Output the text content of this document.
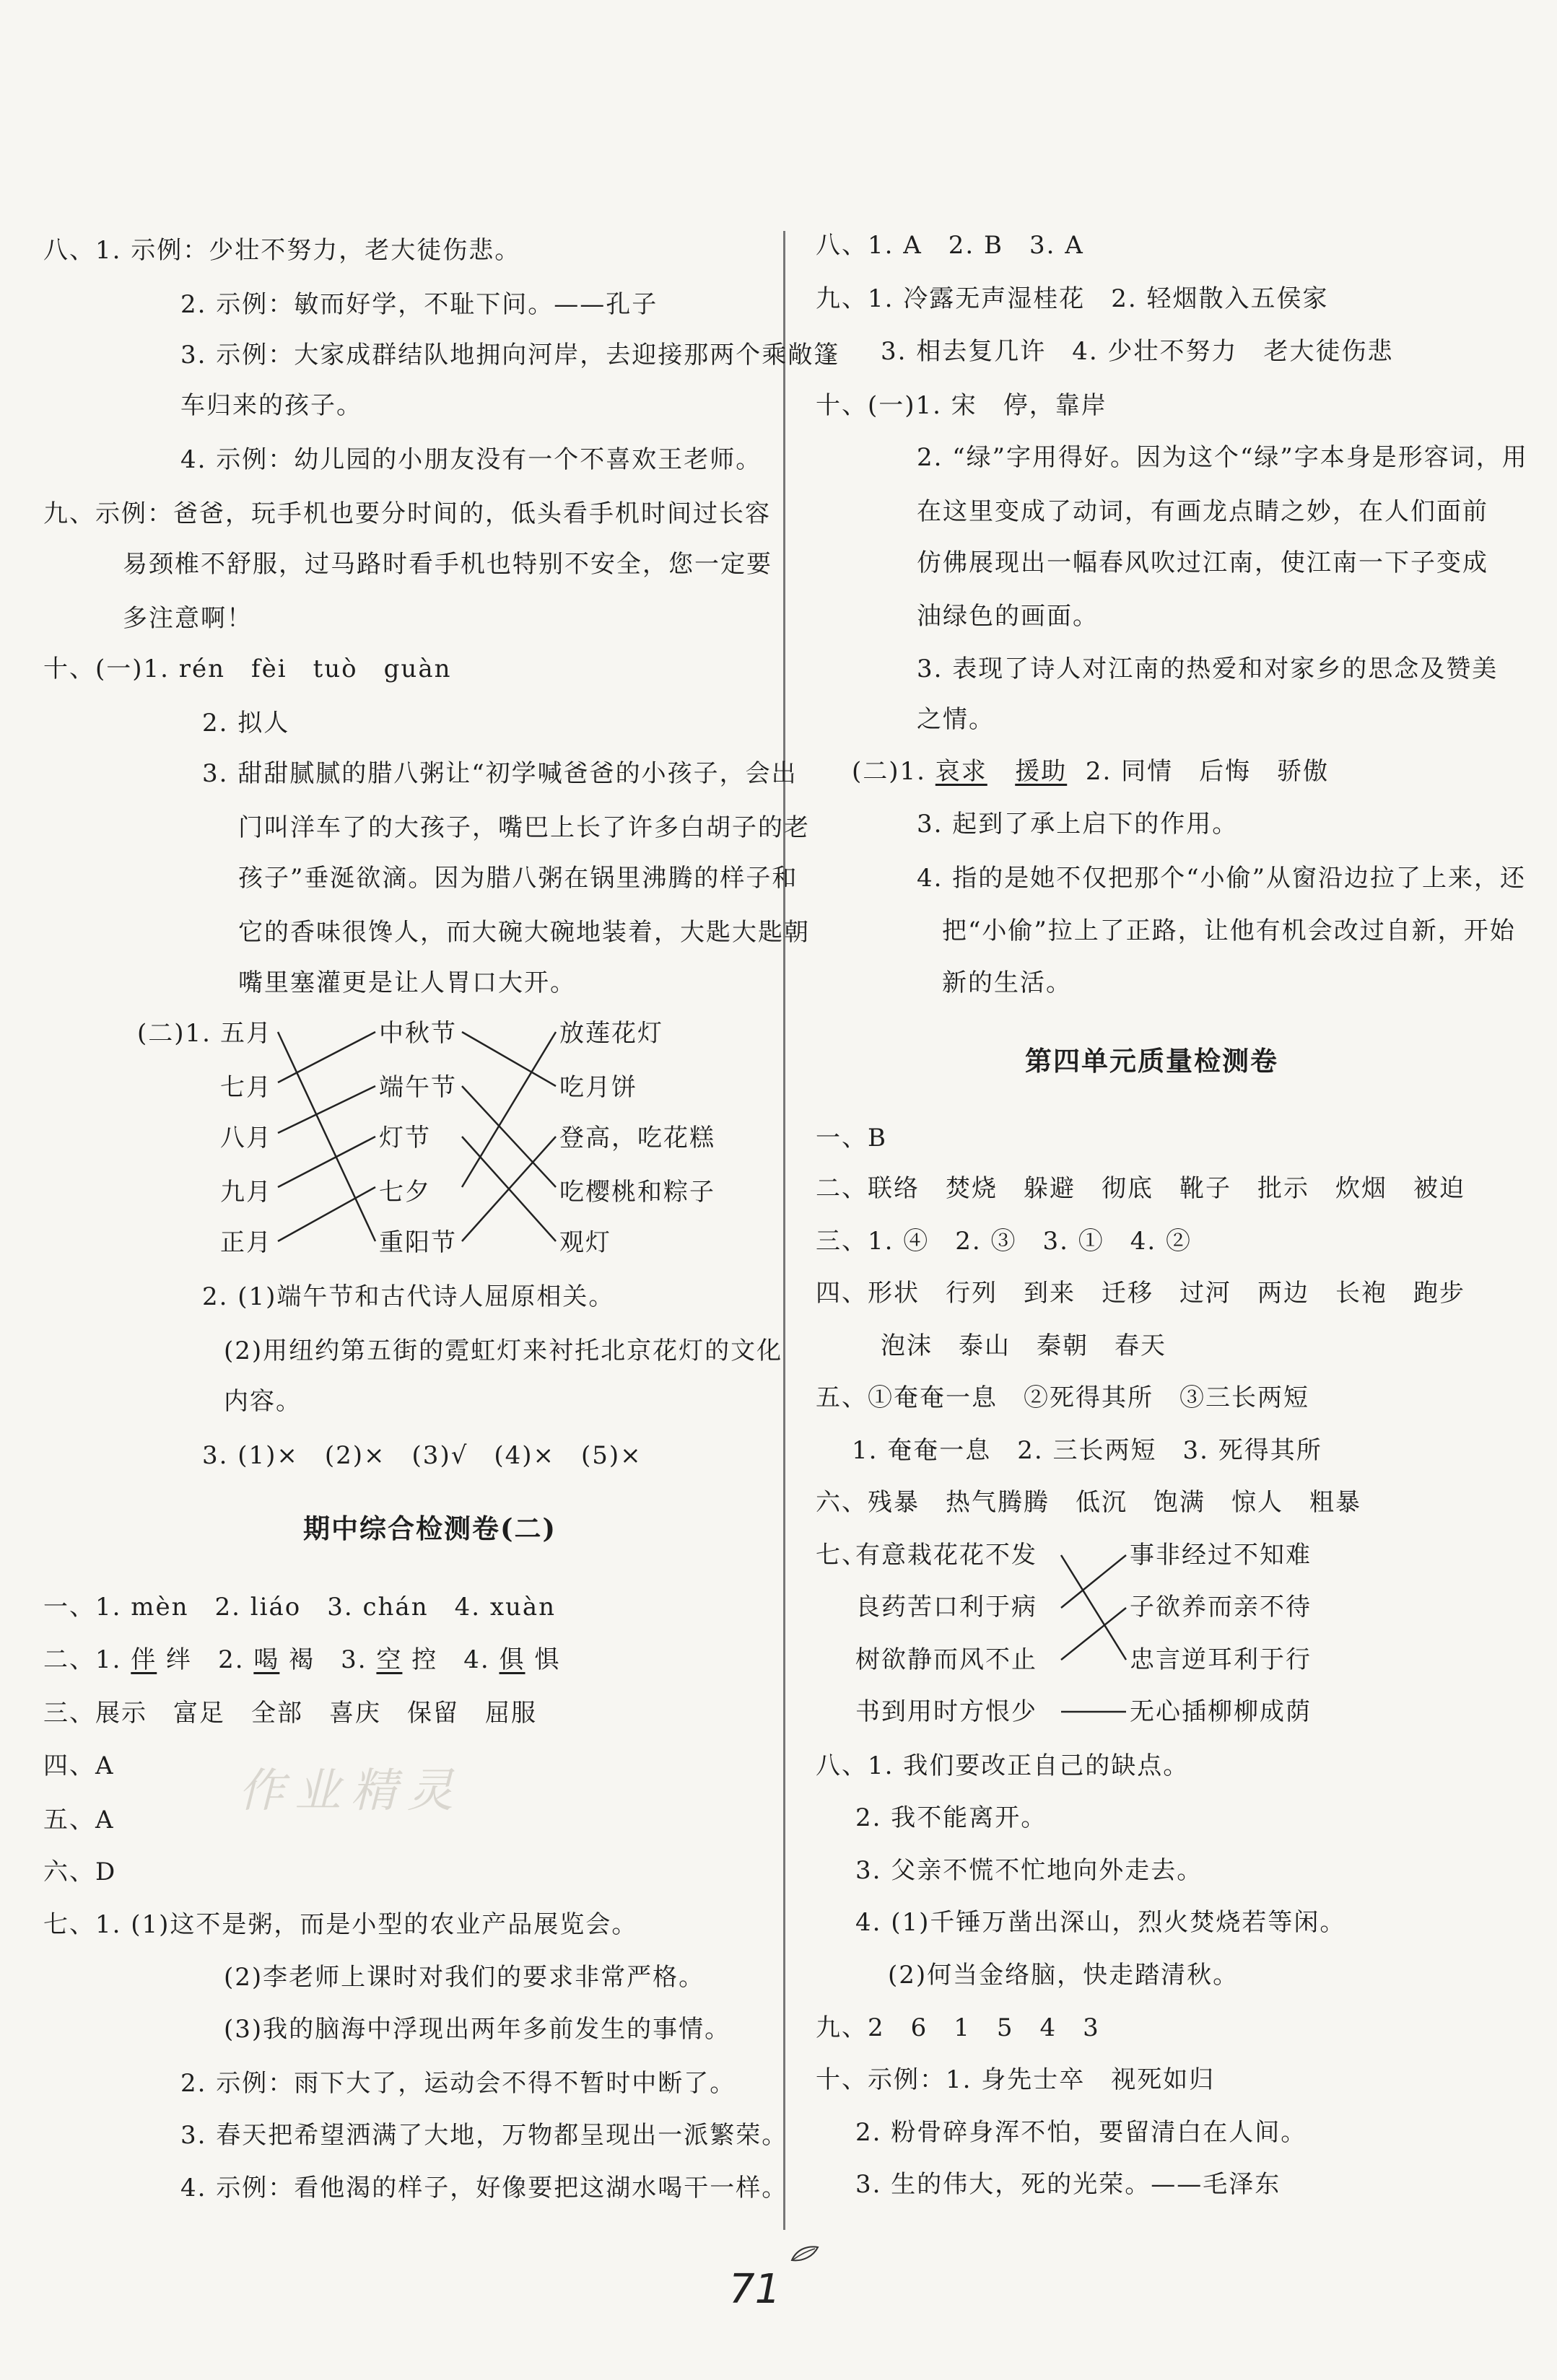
八、1. 示例：少壮不努力，老大徒伤悲。
2. 示例：敏而好学，不耻下问。——孔子
3. 示例：大家成群结队地拥向河岸，去迎接那两个乘敞篷
车归来的孩子。
4. 示例：幼儿园的小朋友没有一个不喜欢王老师。
九、示例：爸爸，玩手机也要分时间的，低头看手机时间过长容
易颈椎不舒服，过马路时看手机也特别不安全，您一定要
多注意啊！
十、(一)1. rén　fèi　tuò　guàn
2. 拟人
3. 甜甜腻腻的腊八粥让“初学喊爸爸的小孩子，会出
门叫洋车了的大孩子，嘴巴上长了许多白胡子的老
孩子”垂涎欲滴。因为腊八粥在锅里沸腾的样子和
它的香味很馋人，而大碗大碗地装着，大匙大匙朝
嘴里塞灌更是让人胃口大开。
(二)1. 五月
七月
八月
九月
正月
中秋节
端午节
灯节
七夕
重阳节
放莲花灯
吃月饼
登高，吃花糕
吃樱桃和粽子
观灯
2. (1)端午节和古代诗人屈原相关。
(2)用纽约第五街的霓虹灯来衬托北京花灯的文化
内容。
3. (1)×　(2)×　(3)√　(4)×　(5)×
期中综合检测卷(二)
一、1. mèn　2. liáo　3. chán　4. xuàn
二、1. 伴 绊　2. 喝 褐　3. 空 控　4. 俱 惧
三、展示　富足　全部　喜庆　保留　屈服
四、A
五、A
六、D
七、1. (1)这不是粥，而是小型的农业产品展览会。
(2)李老师上课时对我们的要求非常严格。
(3)我的脑海中浮现出两年多前发生的事情。
2. 示例：雨下大了，运动会不得不暂时中断了。
3. 春天把希望洒满了大地，万物都呈现出一派繁荣。
4. 示例：看他渴的样子，好像要把这湖水喝干一样。
作业精灵
八、1. A　2. B　3. A
九、1. 冷露无声湿桂花　2. 轻烟散入五侯家
3. 相去复几许　4. 少壮不努力　老大徒伤悲
十、(一)1. 宋　停，靠岸
2. “绿”字用得好。因为这个“绿”字本身是形容词，用
在这里变成了动词，有画龙点睛之妙，在人们面前
仿佛展现出一幅春风吹过江南，使江南一下子变成
油绿色的画面。
3. 表现了诗人对江南的热爱和对家乡的思念及赞美
之情。
(二)1. 哀求 援助 2. 同情　后悔　骄傲
3. 起到了承上启下的作用。
4. 指的是她不仅把那个“小偷”从窗沿边拉了上来，还
把“小偷”拉上了正路，让他有机会改过自新，开始
新的生活。
第四单元质量检测卷
一、B
二、联络　焚烧　躲避　彻底　靴子　批示　炊烟　被迫
三、1. ④　2. ③　3. ①　4. ②
四、形状　行列　到来　迁移　过河　两边　长袍　跑步
泡沫　泰山　秦朝　春天
五、①奄奄一息　②死得其所　③三长两短
1. 奄奄一息　2. 三长两短　3. 死得其所
六、残暴　热气腾腾　低沉　饱满　惊人　粗暴
七、
有意栽花花不发
良药苦口利于病
树欲静而风不止
书到用时方恨少
事非经过不知难
子欲养而亲不待
忠言逆耳利于行
无心插柳柳成荫
八、1. 我们要改正自己的缺点。
2. 我不能离开。
3. 父亲不慌不忙地向外走去。
4. (1)千锤万凿出深山，烈火焚烧若等闲。
(2)何当金络脑，快走踏清秋。
九、2　6　1　5　4　3
十、示例：1. 身先士卒　视死如归
2. 粉骨碎身浑不怕，要留清白在人间。
3. 生的伟大，死的光荣。——毛泽东
71
